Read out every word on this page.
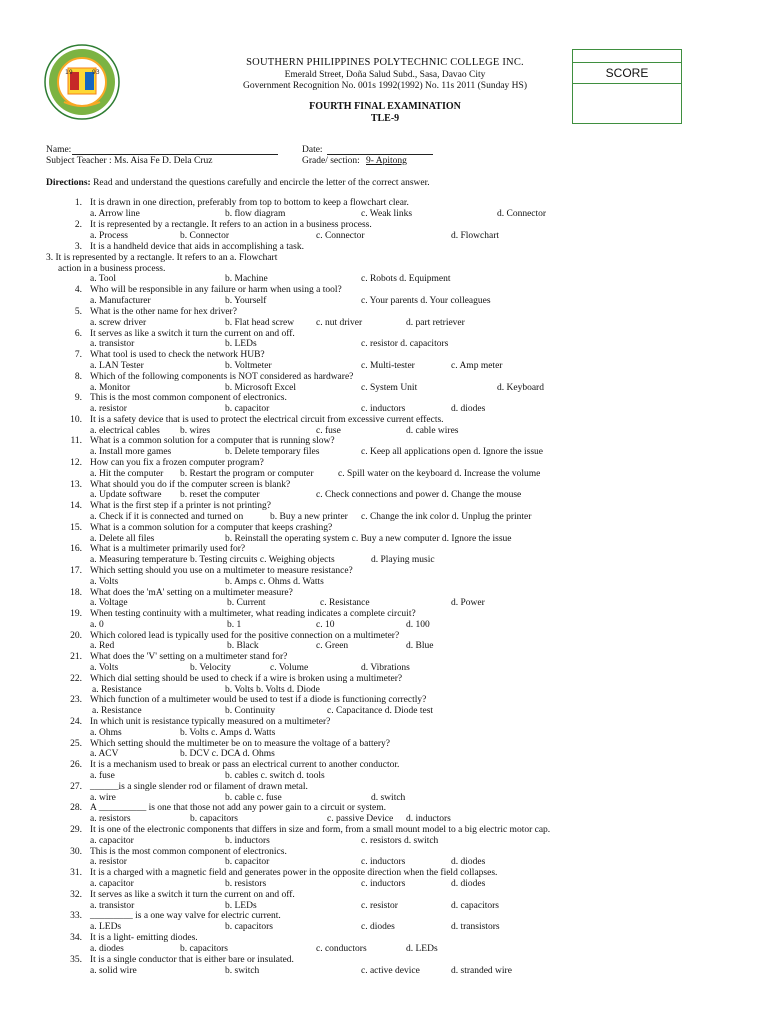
19	93
SOUTHERN PHILIPPINES POLYTECHNIC COLLEGE INC.
Emerald Street, Doña Salud Subd., Sasa, Davao City
Government Recognition No. 001s 1992(1992) No. 11s 2011 (Sunday HS)
FOURTH FINAL EXAMINATION
TLE-9
SCORE
Name:	Date:
Subject Teacher : Ms. Aisa Fe D. Dela Cruz	Grade/ section: 9- Apitong
Directions: Read and understand the questions carefully and encircle the letter of the correct answer.
1. It is drawn in one direction, preferably from top to bottom to keep a flowchart clear.
a. Arrow line	b. flow diagram	c. Weak links	d. Connector
2. It is represented by a rectangle. It refers to an action in a business process.
a. Process	b. Connector	c. Connector	d. Flowchart
3. It is a handheld device that aids in accomplishing a task.
3. It is represented by a rectangle. It refers to an a. Flowchart
action in a business process.
a. Tool	b. Machine	c. Robots d. Equipment
4. Who will be responsible in any failure or harm when using a tool?
a. Manufacturer	b. Yourself	c. Your parents d. Your colleagues
5. What is the other name for hex driver?
a. screw driver	b. Flat head screw c. nut driver	d. part retriever
6. It serves as like a switch it turn the current on and off.
a. transistor	b. LEDs	c. resistor d. capacitors
7. What tool is used to check the network HUB?
a. LAN Tester	b. Voltmeter	c. Multi-tester	c. Amp meter
8. Which of the following components is NOT considered as hardware?
a. Monitor	b. Microsoft Excel	c. System Unit	d. Keyboard
9. This is the most common component of electronics.
a. resistor	b. capacitor	c. inductors	d. diodes
10. It is a safety device that is used to protect the electrical circuit from excessive current effects.
a. electrical cables b. wires	c. fuse	d. cable wires
11. What is a common solution for a computer that is running slow?
a. Install more games	b. Delete temporary files	c. Keep all applications open d. Ignore the issue
12. How can you fix a frozen computer program?
a. Hit the computer b. Restart the program or computer	c. Spill water on the keyboard d. Increase the volume
13. What should you do if the computer screen is blank?
a. Update software b. reset the computer	c. Check connections and power d. Change the mouse
14. What is the first step if a printer is not printing?
a. Check if it is connected and turned on	b. Buy a new printer c. Change the ink color d. Unplug the printer
15. What is a common solution for a computer that keeps crashing?
a. Delete all files	b. Reinstall the operating system c. Buy a new computer d. Ignore the issue
16. What is a multimeter primarily used for?
a. Measuring temperature b. Testing circuits c. Weighing objects	d. Playing music
17. Which setting should you use on a multimeter to measure resistance?
a. Volts	b. Amps c. Ohms d. Watts
18. What does the 'mA' setting on a multimeter measure?
a. Voltage	b. Current	c. Resistance	d. Power
19. When testing continuity with a multimeter, what reading indicates a complete circuit?
a. 0	b. 1	c. 10	d. 100
20. Which colored lead is typically used for the positive connection on a multimeter?
a. Red	b. Black	c. Green	d. Blue
21. What does the 'V' setting on a multimeter stand for?
a. Volts	b. Velocity	c. Volume	d. Vibrations
22. Which dial setting should be used to check if a wire is broken using a multimeter?
a. Resistance	b. Volts b. Volts d. Diode
23. Which function of a multimeter would be used to test if a diode is functioning correctly?
a. Resistance	b. Continuity	c. Capacitance d. Diode test
24. In which unit is resistance typically measured on a multimeter?
a. Ohms	b. Volts c. Amps d. Watts
25. Which setting should the multimeter be on to measure the voltage of a battery?
a. ACV	b. DCV c. DCA d. Ohms
26. It is a mechanism used to break or pass an electrical current to another conductor.
a. fuse	b. cables c. switch d. tools
27. ______is a single slender rod or filament of drawn metal.
a. wire	b. cable c. fuse	d. switch
28. A __________ is one that those not add any power gain to a circuit or system.
a. resistors	b. capacitors	c. passive Device d. inductors
29. It is one of the electronic components that differs in size and form, from a small mount model to a big electric motor cap.
a. capacitor	b. inductors	c. resistors d. switch
30. This is the most common component of electronics.
a. resistor	b. capacitor	c. inductors	d. diodes
31. It is a charged with a magnetic field and generates power in the opposite direction when the field collapses.
a. capacitor	b. resistors	c. inductors	d. diodes
32. It serves as like a switch it turn the current on and off.
a. transistor	b. LEDs	c. resistor	d. capacitors
33. _________ is a one way valve for electric current.
a. LEDs	b. capacitors	c. diodes	d. transistors
34. It is a light- emitting diodes.
a. diodes	b. capacitors	c. conductors	d. LEDs
35. It is a single conductor that is either bare or insulated.
a. solid wire	b. switch	c. active device	d. stranded wire
